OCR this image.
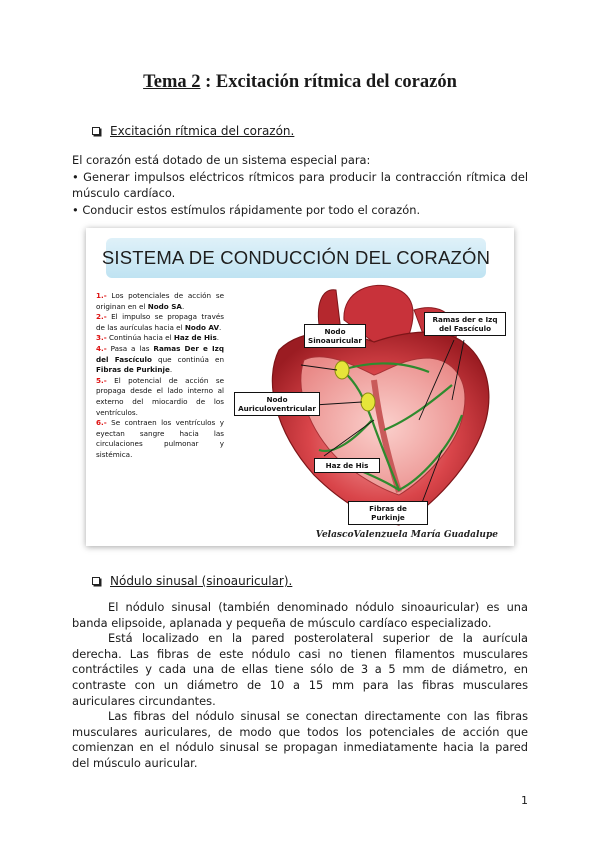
Tema 2 : Excitación rítmica del corazón
Excitación rítmica del corazón.

El corazón está dotado de un sistema especial para:

• Generar impulsos eléctricos rítmicos para producir la contracción rítmica del músculo cardíaco.

• Conducir estos estímulos rápidamente por todo el corazón.

SISTEMA DE CONDUCCIÓN DEL CORAZÓN

1.- Los potenciales de acción se originan en el Nodo SA.

2.- El impulso se propaga través de las aurículas hacia el Nodo AV.

3.- Continúa hacia el Haz de His.

4.- Pasa a las Ramas Der e Izq del Fascículo que continúa en Fibras de Purkinje.

5.- El potencial de acción se propaga desde el lado interno al externo del miocardio de los ventrículos.

6.- Se contraen los ventrículos y eyectan sangre hacia las circulaciones pulmonar y sistémica.

Nodo Sinoauricular
Nodo Auriculoventricular
Ramas der e Izq del Fascículo
Haz de His
Fibras de Purkinje
VelascoValenzuela María Guadalupe
Nódulo sinusal (sinoauricular).

El nódulo sinusal (también denominado nódulo sinoauricular) es una banda elipsoide, aplanada y pequeña de músculo cardíaco especializado.

Está localizado en la pared posterolateral superior de la aurícula derecha. Las fibras de este nódulo casi no tienen filamentos musculares contráctiles y cada una de ellas tiene sólo de 3 a 5 mm de diámetro, en contraste con un diámetro de 10 a 15 mm para las fibras musculares auriculares circundantes.

Las fibras del nódulo sinusal se conectan directamente con las fibras musculares auriculares, de modo que todos los potenciales de acción que comienzan en el nódulo sinusal se propagan inmediatamente hacia la pared del músculo auricular.

1
